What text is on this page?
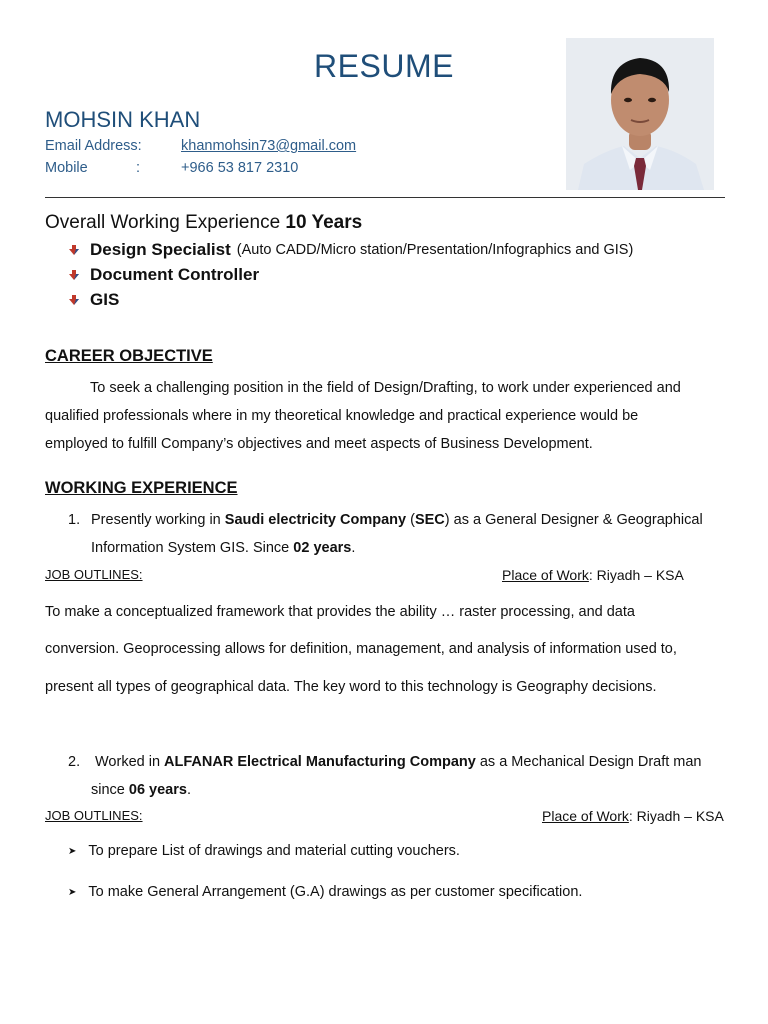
RESUME
MOHSIN KHAN
Email Address:	khanmohsin73@gmail.com
Mobile	:	+966 53 817 2310
Overall Working Experience 10 Years
Design Specialist (Auto CADD/Micro station/Presentation/Infographics and GIS)
Document Controller
GIS
CAREER OBJECTIVE
To seek a challenging position in the field of Design/Drafting, to work under experienced and
qualified professionals where in my theoretical knowledge and practical experience would be
employed to fulfill Company’s objectives and meet aspects of Business Development.
WORKING EXPERIENCE
1. Presently working in Saudi electricity Company (SEC) as a General Designer & Geographical
Information System GIS. Since 02 years.
JOB OUTLINES:	Place of Work: Riyadh – KSA
To make a conceptualized framework that provides the ability … raster processing, and data
conversion. Geoprocessing allows for definition, management, and analysis of information used to,
present all types of geographical data. The key word to this technology is Geography decisions.
2. Worked in ALFANAR Electrical Manufacturing Company as a Mechanical Design Draft man
since 06 years.
JOB OUTLINES:	Place of Work: Riyadh – KSA
➤ To prepare List of drawings and material cutting vouchers.
➤ To make General Arrangement (G.A) drawings as per customer specification.
